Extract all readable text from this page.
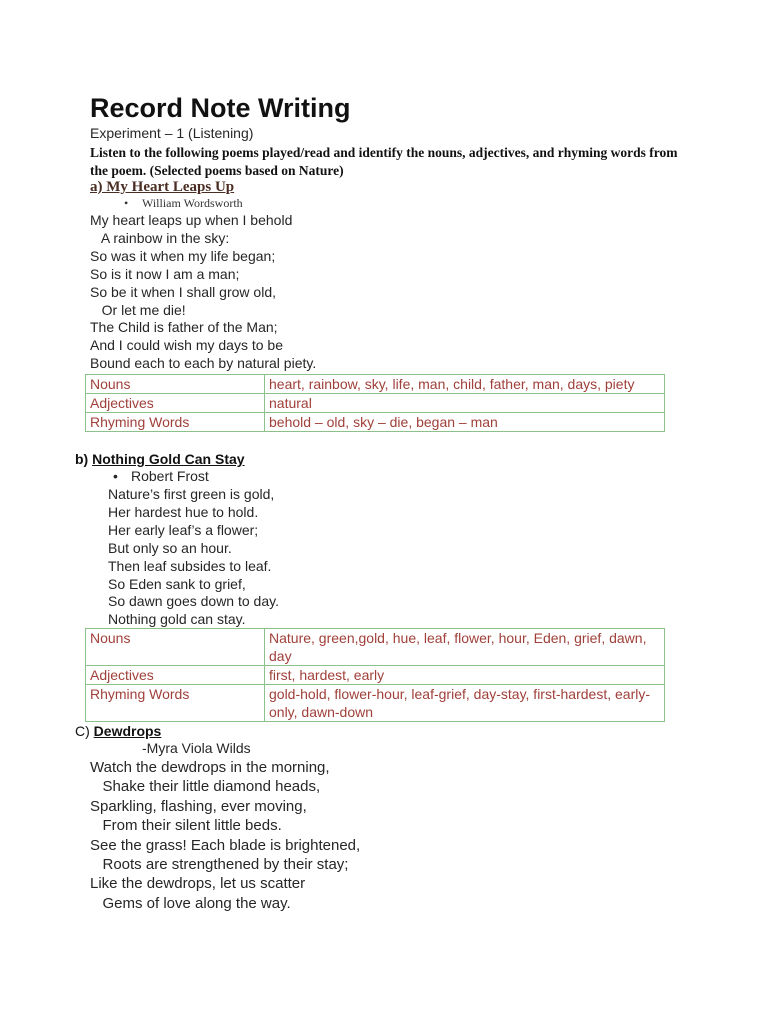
Record Note Writing
Experiment – 1 (Listening)
Listen to the following poems played/read and identify the nouns, adjectives, and rhyming words from the poem. (Selected poems based on Nature)
a) My Heart Leaps Up
• William Wordsworth
My heart leaps up when I behold
A rainbow in the sky:
So was it when my life began;
So is it now I am a man;
So be it when I shall grow old,
Or let me die!
The Child is father of the Man;
And I could wish my days to be
Bound each to each by natural piety.
Nouns	heart, rainbow, sky, life, man, child, father, man, days, piety
Adjectives	natural
Rhyming Words	behold – old, sky – die, began – man
b) Nothing Gold Can Stay
• Robert Frost
Nature’s first green is gold,
Her hardest hue to hold.
Her early leaf’s a flower;
But only so an hour.
Then leaf subsides to leaf.
So Eden sank to grief,
So dawn goes down to day.
Nothing gold can stay.
Nouns	Nature, green,gold, hue, leaf, flower, hour, Eden, grief, dawn, day
Adjectives	first, hardest, early
Rhyming Words	gold-hold, flower-hour, leaf-grief, day-stay, first-hardest, early-only, dawn-down
C) Dewdrops
-Myra Viola Wilds
Watch the dewdrops in the morning,
Shake their little diamond heads,
Sparkling, flashing, ever moving,
From their silent little beds.
See the grass! Each blade is brightened,
Roots are strengthened by their stay;
Like the dewdrops, let us scatter
Gems of love along the way.
